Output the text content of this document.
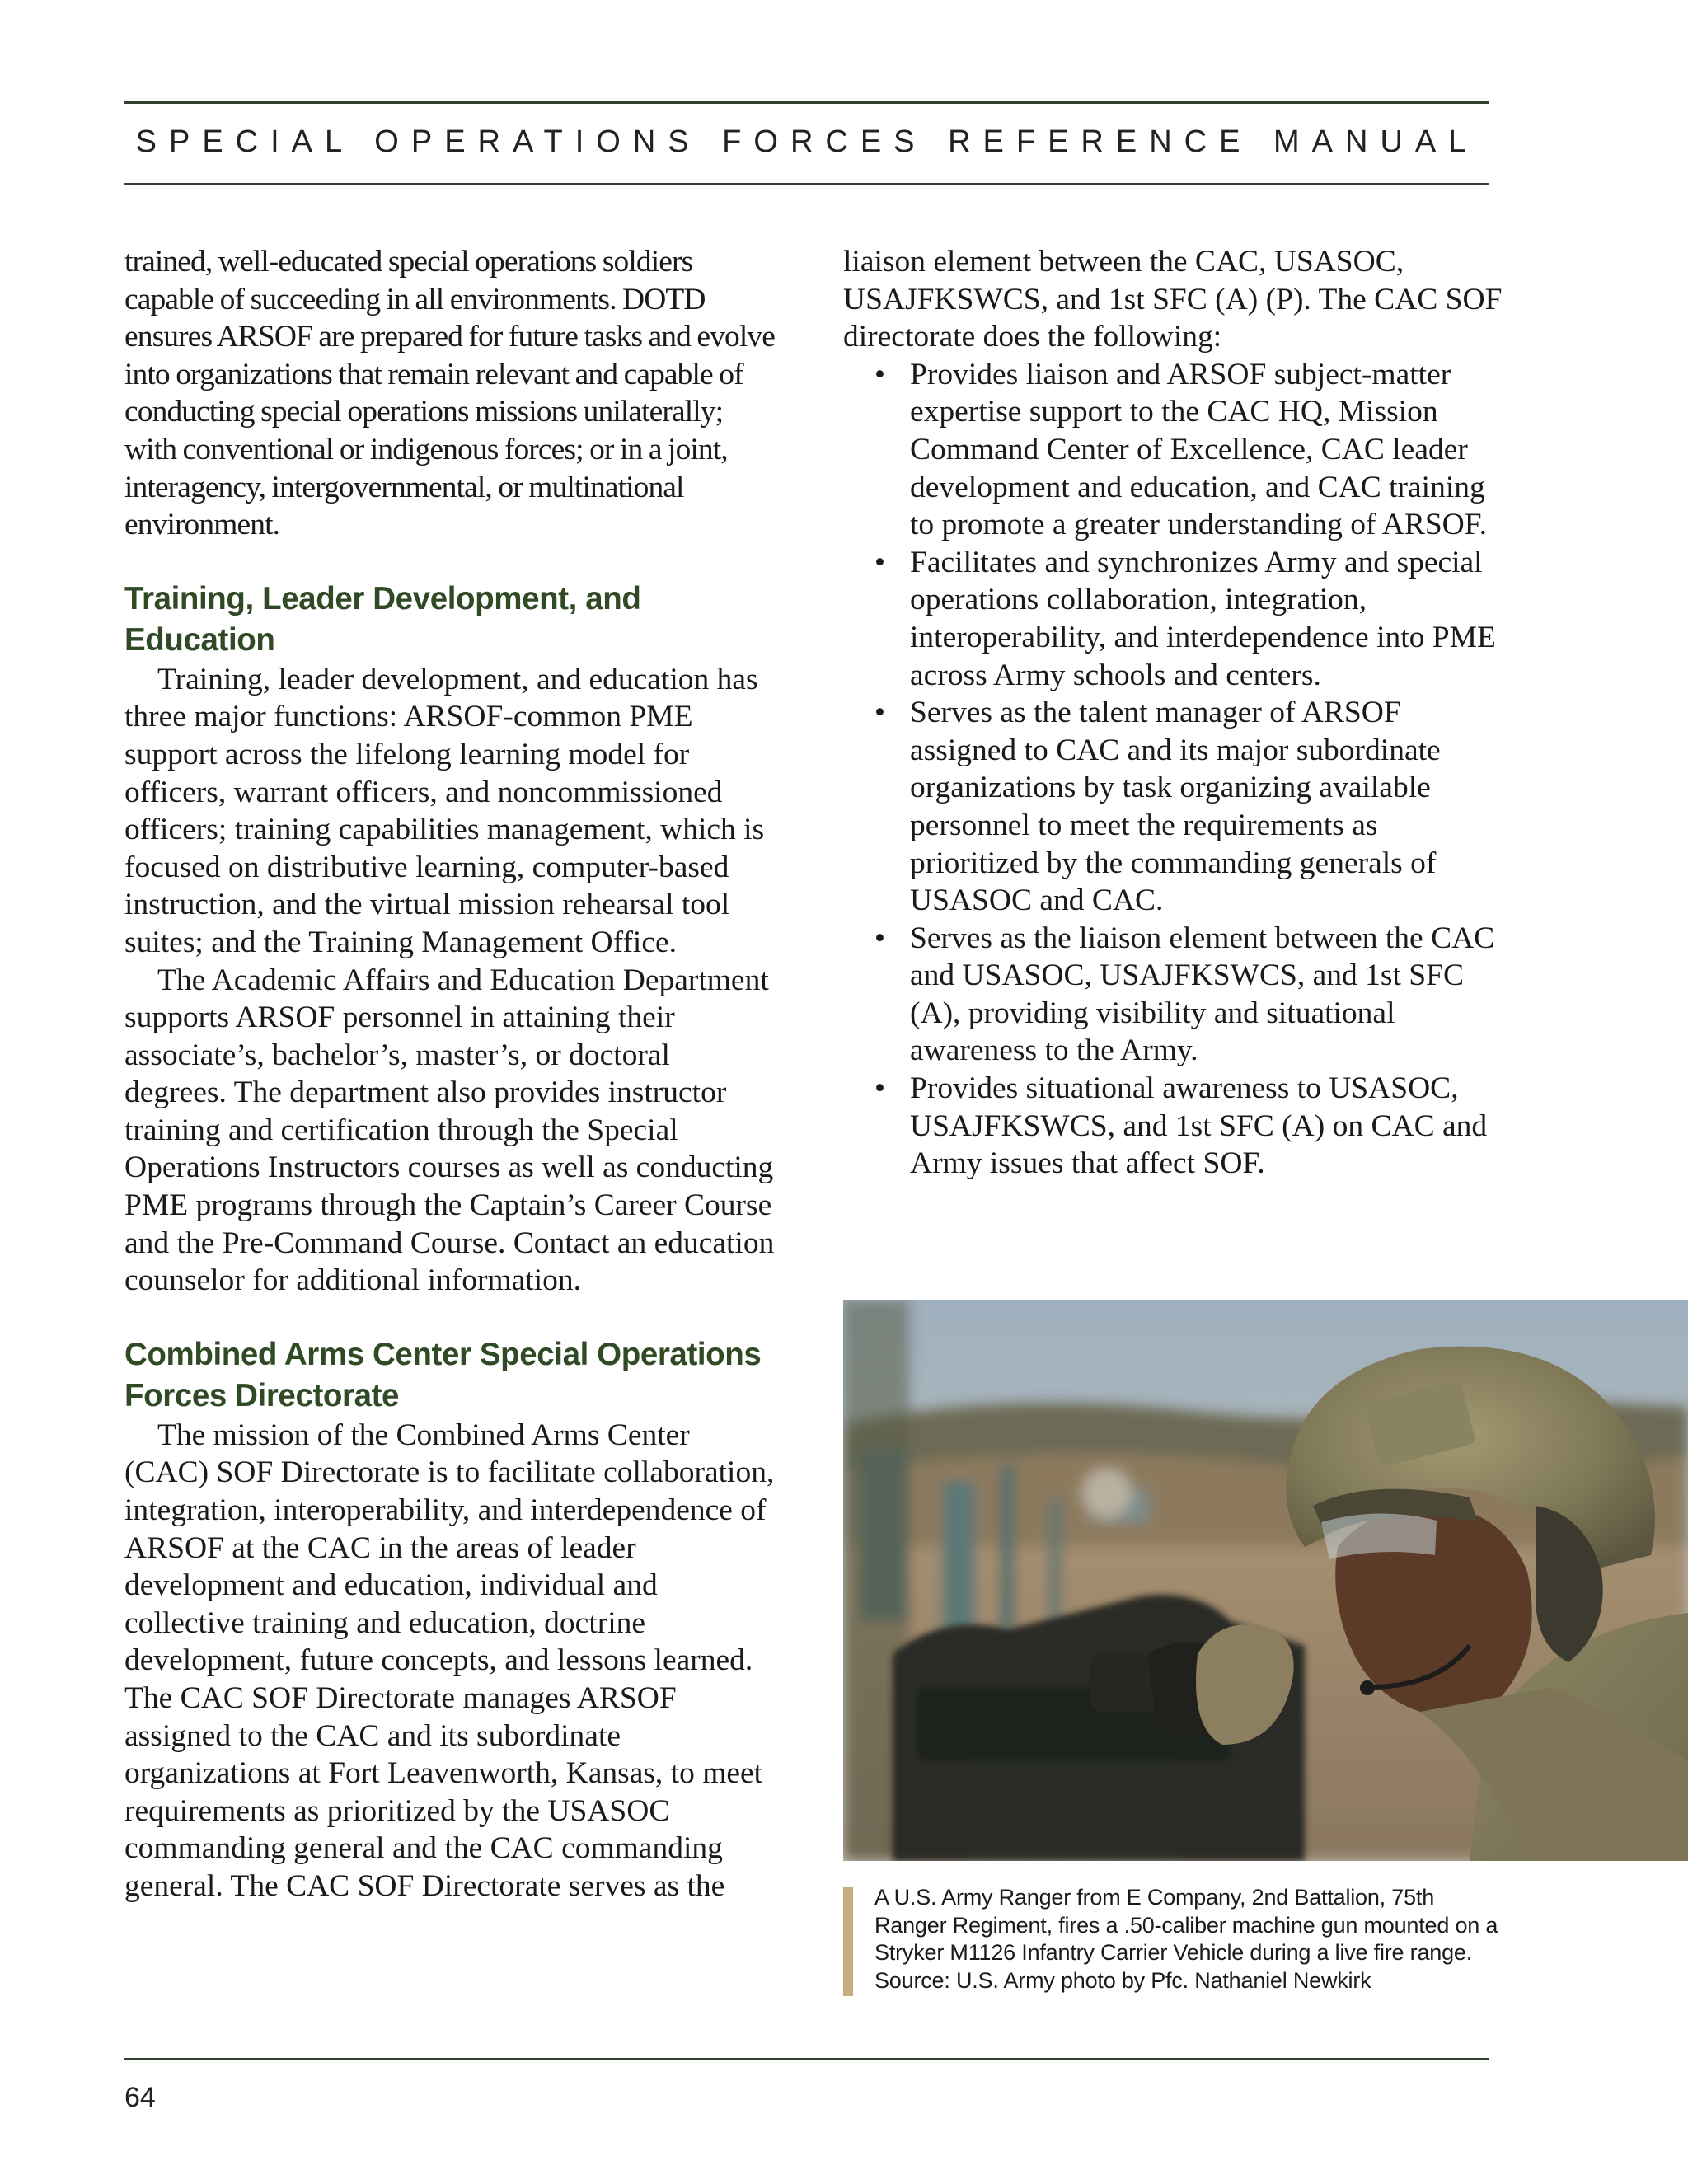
SPECIAL OPERATIONS FORCES REFERENCE MANUAL

trained, well-educated special operations soldiers capable of succeeding in all environments. DOTD ensures ARSOF are prepared for future tasks and evolve into organizations that remain relevant and capable of conducting special operations missions unilaterally; with conventional or indigenous forces; or in a joint, interagency, intergovernmental, or multinational environment.

Training, Leader Development, and Education

Training, leader development, and education has three major functions: ARSOF-common PME support across the lifelong learning model for officers, warrant officers, and noncommissioned officers; training capabilities management, which is focused on distributive learning, computer-based instruction, and the virtual mission rehearsal tool suites; and the Training Management Office.

The Academic Affairs and Education Department supports ARSOF personnel in attaining their associate’s, bachelor’s, master’s, or doctoral degrees. The department also provides instructor training and certification through the Special Operations Instructors courses as well as conducting PME programs through the Captain’s Career Course and the Pre-Command Course. Contact an education counselor for additional information.

Combined Arms Center Special Operations Forces Directorate

The mission of the Combined Arms Center (CAC) SOF Directorate is to facilitate collaboration, integration, interoperability, and interdependence of ARSOF at the CAC in the areas of leader development and education, individual and collective training and education, doctrine development, future concepts, and lessons learned. The CAC SOF Directorate manages ARSOF assigned to the CAC and its subordinate organizations at Fort Leavenworth, Kansas, to meet requirements as prioritized by the USASOC commanding general and the CAC commanding general. The CAC SOF Directorate serves as the

liaison element between the CAC, USASOC, USAJFKSWCS, and 1st SFC (A) (P). The CAC SOF directorate does the following:

• Provides liaison and ARSOF subject-matter expertise support to the CAC HQ, Mission Command Center of Excellence, CAC leader development and education, and CAC training to promote a greater understanding of ARSOF.
• Facilitates and synchronizes Army and special operations collaboration, integration, interoperability, and interdependence into PME across Army schools and centers.
• Serves as the talent manager of ARSOF assigned to CAC and its major subordinate organizations by task organizing available personnel to meet the requirements as prioritized by the commanding generals of USASOC and CAC.
• Serves as the liaison element between the CAC and USASOC, USAJFKSWCS, and 1st SFC (A), providing visibility and situational awareness to the Army.
• Provides situational awareness to USASOC, USAJFKSWCS, and 1st SFC (A) on CAC and Army issues that affect SOF.
A U.S. Army Ranger from E Company, 2nd Battalion, 75th Ranger Regiment, fires a .50-caliber machine gun mounted on a Stryker M1126 Infantry Carrier Vehicle during a live fire range. Source: U.S. Army photo by Pfc. Nathaniel Newkirk
64
